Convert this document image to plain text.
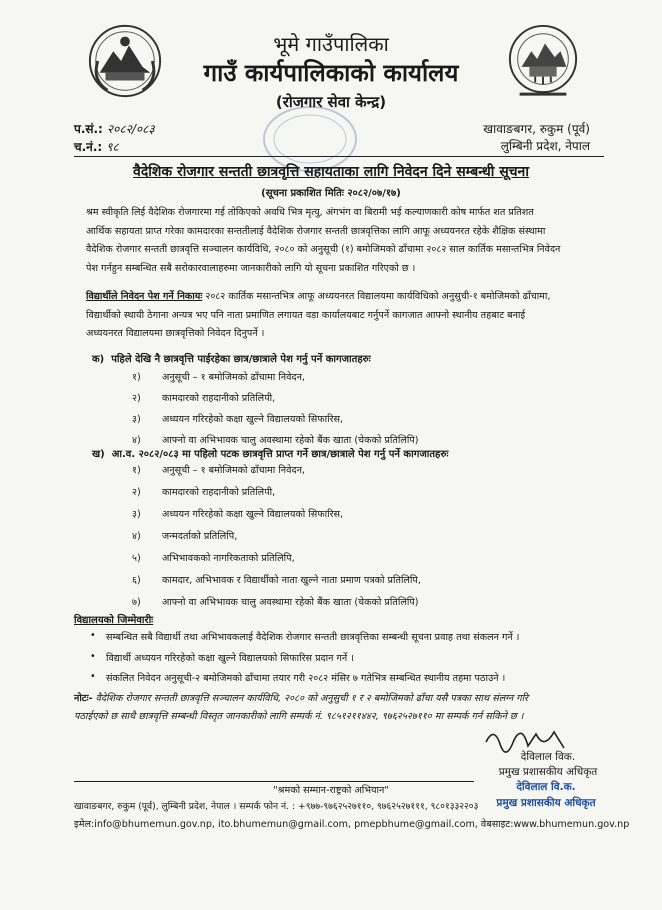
भूमे गाउँपालिका
गाउँ कार्यपालिकाको कार्यालय
(रोजगार सेवा केन्द्र)
प.सं.: २०८२/०८३
च.नं.: ९८
खावाङबगर, रुकुम (पूर्व)
लुम्बिनी प्रदेश, नेपाल
वैदेशिक रोजगार सन्तती छात्रवृत्ति सहायताका लागि निवेदन दिने सम्बन्धी सूचना
(सूचना प्रकाशित मितिः २०८२/०७/१७)
श्रम स्वीकृति लिई वैदेशिक रोजगारमा गई तोकिएको अवधि भित्र मृत्यु, अंगभंग वा बिरामी भई कल्याणकारी कोष मार्फत शत प्रतिशत
आर्थिक सहायता प्राप्त गरेका कामदारका सन्ततीलाई वैदेशिक रोजगार सन्तती छात्रवृत्तिका लागि आफू अध्ययनरत रहेके शैक्षिक संस्थामा
वैदेशिक रोजगार सन्तती छात्रवृत्ति सञ्चालन कार्यविधि, २०८० को अनुसूची (१) बमोजिमको ढाँचामा २०८२ साल कार्तिक मसान्तभित्र निवेदन
पेश गर्नहुन सम्बन्धित सबै सरोकारवालाहरुमा जानकारीको लागि यो सूचना प्रकाशित गरिएको छ ।
विद्यार्थीले निवेदन पेश गर्ने निकायः २०८२ कार्तिक मसान्तभित्र आफू अध्ययनरत विद्यालयमा कार्यविधिको अनुसुची-१ बमोजिमको ढाँचामा,
विद्यार्थीको स्थायी ठेगाना अन्यत्र भए पनि नाता प्रमाणित लगायत वडा कार्यालयबाट गर्नुपर्ने कागजात आफ्नो स्थानीय तहबाट बनाई
अध्ययनरत विद्यालयमा छात्रवृत्तिको निवेदन दिनुपर्ने ।
क) पहिले देखि नै छात्रवृत्ति पाईरहेका छात्र/छात्राले पेश गर्नु पर्ने कागजातहरुः
१)	अनुसूची – १ बमोजिमको ढाँचामा निवेदन,
२)	कामदारको राहदानीको प्रतिलिपी,
३)	अध्ययन गरिरहेको कक्षा खुल्ने विद्यालयको सिफारिस,
४)	आफ्नो वा अभिभावक चालु अवस्थामा रहेको बैंक खाता (चेकको प्रतिलिपि)
ख) आ.व. २०८२/०८३ मा पहिलो पटक छात्रवृत्ति प्राप्त गर्ने छात्र/छात्राले पेश गर्नु पर्ने कागजातहरुः
१)	अनुसूची – १ बमोजिमको ढाँचामा निवेदन,
२)	कामदारको राहदानीको प्रतिलिपी,
३)	अध्ययन गरिरहेको कक्षा खुल्ने विद्यालयको सिफारिस,
४)	जन्मदर्ताको प्रतिलिपि,
५)	अभिभावकको नागरिकताको प्रतिलिपि,
६)	कामदार, अभिभावक र विद्यार्थीको नाता खुल्ने नाता प्रमाण पत्रको प्रतिलिपि,
७)	आफ्नो वा अभिभावक चालु अवस्थामा रहेको बैंक खाता (चेकको प्रतिलिपि)
विद्यालयको जिम्मेवारीः
• सम्बन्धित सबै विद्यार्थी तथा अभिभावकलाई वैदेशिक रोजगार सन्तती छात्रवृत्तिका सम्बन्धी सूचना प्रवाह तथा संकलन गर्ने ।
• विद्यार्थी अध्ययन गरिरहेको कक्षा खुल्ने विद्यालयको सिफारिस प्रदान गर्ने ।
• संकलित निवेदन अनुसूची-२ बमोजिमको ढाँचामा तयार गरी २०८२ मंसिर ७ गतेभित्र सम्बन्धित स्थानीय तहमा पठाउने ।
नोटः- वैदेशिक रोजगार सन्तती छात्रवृत्ति सञ्चालन कार्यविधि, २०८० को अनुसुची १ र २ बमोजिमको ढाँचा यसै पत्रका साथ संलग्न गरि
पठाईएको छ साथै छात्रवृत्ति सम्बन्धी विस्तृत जानकारीको लागि सम्पर्क नं. ९८५१२११४४२, ९७६२५२७११० मा सम्पर्क गर्न सकिने छ ।
देविलाल विक.
प्रमुख प्रशासकीय अधिकृत
देविलाल वि.क.
प्रमुख प्रशासकीय अधिकृत
"श्रमको सम्मान-राष्ट्रको अभियान"
खावाङबगर, रुकुम (पूर्व), लुम्बिनी प्रदेश, नेपाल । सम्पर्क फोन नं. : +९७७-९७६२५२७११०, ९७६२५२७१११, ९८०१३३२२०३
इमेल:info@bhumemun.gov.np, ito.bhumemun@gmail.com, pmepbhume@gmail.com, वेबसाइट:www.bhumemun.gov.np
